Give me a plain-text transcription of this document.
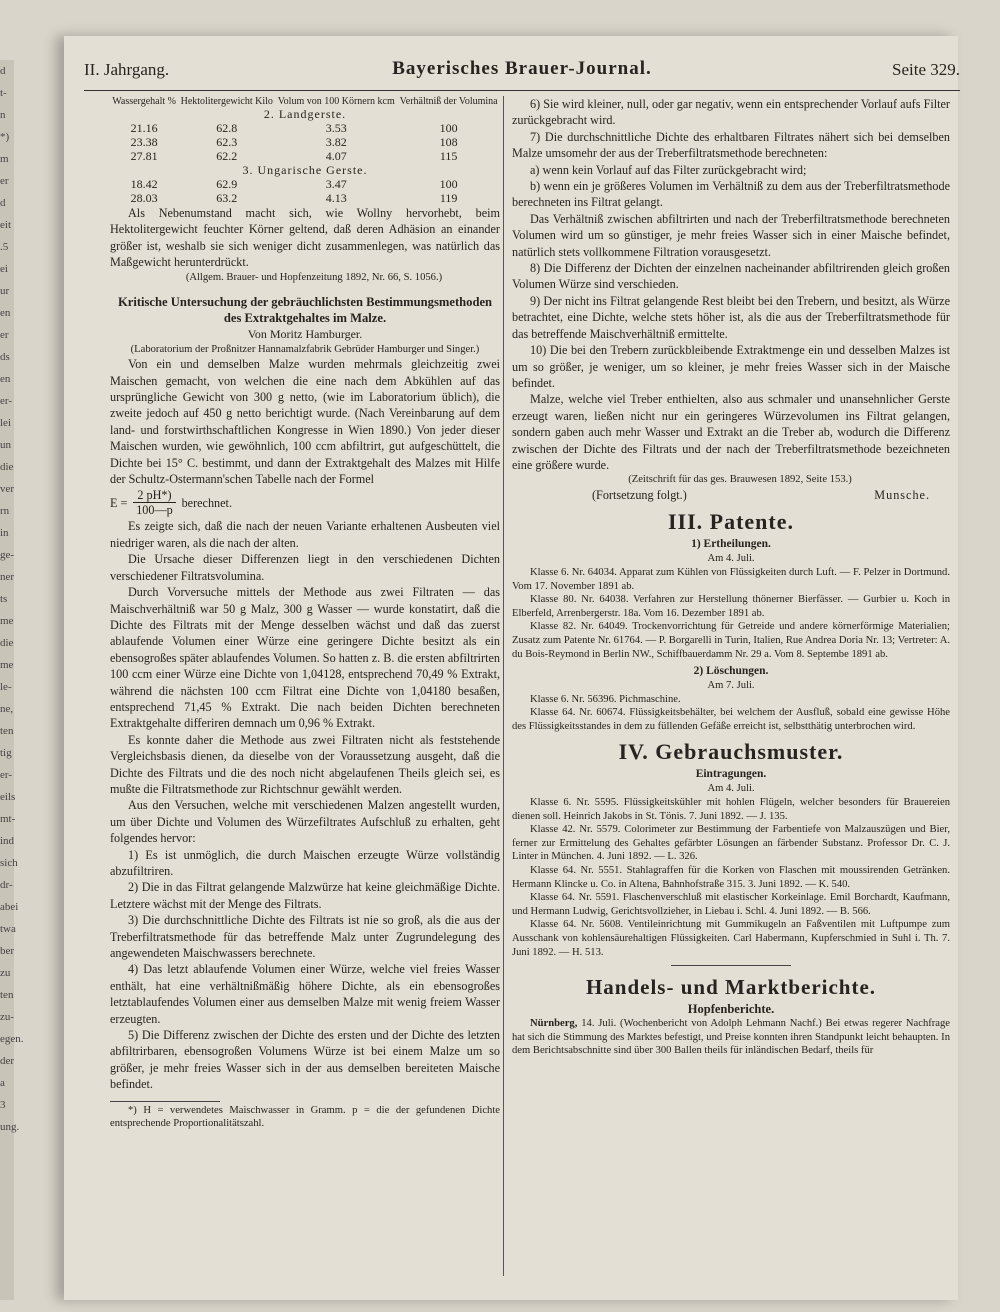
d
t-
n
*)
m
er
d
eit
.5
ei
ur
en
er
ds
en
er-
lei
un
die
ver
rn
in
ge-
ner
ts
me
die
me
le-
ne,
ten
tig
er-
eils
mt-
ind
sich
dr-
abei
twa
ber
zu
ten
zu-
egen.
der
a
3
ung.
II. Jahrgang.	Bayerisches Brauer-Journal.	Seite 329.
Wassergehalt %	Hektolitergewicht Kilo	Volum von 100 Körnern kcm	Verhältniß der Volumina
2. Landgerste.			
21.16	62.8	3.53	100
23.38	62.3	3.82	108
27.81	62.2	4.07	115
3. Ungarische Gerste.			
18.42	62.9	3.47	100
28.03	63.2	4.13	119

Als Nebenumstand macht sich, wie Wollny hervorhebt, beim Hektolitergewicht feuchter Körner geltend, daß deren Adhäsion an einander größer ist, weshalb sie sich weniger dicht zusammenlegen, was natürlich das Maßgewicht herunterdrückt.

(Allgem. Brauer- und Hopfenzeitung 1892, Nr. 66, S. 1056.)

Kritische Untersuchung der gebräuchlichsten Bestimmungsmethoden des Extraktgehaltes im Malze.
Von Moritz Hamburger.
(Laboratorium der Proßnitzer Hannamalzfabrik Gebrüder Hamburger und Singer.)

Von ein und demselben Malze wurden mehrmals gleichzeitig zwei Maischen gemacht, von welchen die eine nach dem Abkühlen auf das ursprüngliche Gewicht von 300 g netto, (wie im Laboratorium üblich), die zweite jedoch auf 450 g netto berichtigt wurde. (Nach Vereinbarung auf dem land- und forstwirthschaftlichen Kongresse in Wien 1890.) Von jeder dieser Maischen wurden, wie gewöhnlich, 100 ccm abfiltrirt, gut aufgeschüttelt, die Dichte bei 15° C. bestimmt, und dann der Extraktgehalt des Malzes mit Hilfe der Schultz-Ostermann'schen Tabelle nach der Formel

$E = \frac{2 pH*)}{100—p}$ berechnet.

Es zeigte sich, daß die nach der neuen Variante erhaltenen Ausbeuten viel niedriger waren, als die nach der alten.

Die Ursache dieser Differenzen liegt in den verschiedenen Dichten verschiedener Filtratsvolumina.

Durch Vorversuche mittels der Methode aus zwei Filtraten — das Maischverhältniß war 50 g Malz, 300 g Wasser — wurde konstatirt, daß die Dichte des Filtrats mit der Menge desselben wächst und daß das zuerst ablaufende Volumen einer Würze eine geringere Dichte besitzt als ein ebensogroßes später ablaufendes Volumen. So hatten z. B. die ersten abfiltrirten 100 ccm einer Würze eine Dichte von 1,04128, entsprechend 70,49 % Extrakt, während die nächsten 100 ccm Filtrat eine Dichte von 1,04180 besaßen, entsprechend 71,45 % Extrakt. Die nach beiden Dichten berechneten Extraktgehalte differiren demnach um 0,96 % Extrakt.

Es konnte daher die Methode aus zwei Filtraten nicht als feststehende Vergleichsbasis dienen, da dieselbe von der Voraussetzung ausgeht, daß die Dichte des Filtrats und die des noch nicht abgelaufenen Theils gleich sei, es mußte die Filtratsmethode zur Richtschnur gewählt werden.

Aus den Versuchen, welche mit verschiedenen Malzen angestellt wurden, um über Dichte und Volumen des Würzefiltrates Aufschluß zu erhalten, geht folgendes hervor:

1) Es ist unmöglich, die durch Maischen erzeugte Würze vollständig abzufiltriren.

2) Die in das Filtrat gelangende Malzwürze hat keine gleichmäßige Dichte. Letztere wächst mit der Menge des Filtrats.

3) Die durchschnittliche Dichte des Filtrats ist nie so groß, als die aus der Treberfiltratsmethode für das betreffende Malz unter Zugrundelegung des angewendeten Maischwassers berechnete.

4) Das letzt ablaufende Volumen einer Würze, welche viel freies Wasser enthält, hat eine verhältnißmäßig höhere Dichte, als ein ebensogroßes letztablaufendes Volumen einer aus demselben Malze mit wenig freiem Wasser erzeugten.

5) Die Differenz zwischen der Dichte des ersten und der Dichte des letzten abfiltrirbaren, ebensogroßen Volumens Würze ist bei einem Malze um so größer, je mehr freies Wasser sich in der aus demselben bereiteten Maische befindet.

*) H = verwendetes Maischwasser in Gramm. p = die der gefundenen Dichte entsprechende Proportionalitätszahl.

6) Sie wird kleiner, null, oder gar negativ, wenn ein entsprechender Vorlauf aufs Filter zurückgebracht wird.

7) Die durchschnittliche Dichte des erhaltbaren Filtrates nähert sich bei demselben Malze umsomehr der aus der Treberfiltratsmethode berechneten:

a) wenn kein Vorlauf auf das Filter zurückgebracht wird;

b) wenn ein je größeres Volumen im Verhältniß zu dem aus der Treberfiltratsmethode berechneten ins Filtrat gelangt.

Das Verhältniß zwischen abfiltrirten und nach der Treberfiltratsmethode berechneten Volumen wird um so günstiger, je mehr freies Wasser sich in einer Maische befindet, natürlich stets vollkommene Filtration vorausgesetzt.

8) Die Differenz der Dichten der einzelnen nacheinander abfiltrirenden gleich großen Volumen Würze sind verschieden.

9) Der nicht ins Filtrat gelangende Rest bleibt bei den Trebern, und besitzt, als Würze betrachtet, eine Dichte, welche stets höher ist, als die aus der Treberfiltratsmethode für das betreffende Maischverhältniß ermittelte.

10) Die bei den Trebern zurückbleibende Extraktmenge ein und desselben Malzes ist um so größer, je weniger, um so kleiner, je mehr freies Wasser sich in der Maische befindet.

Malze, welche viel Treber enthielten, also aus schmaler und unansehnlicher Gerste erzeugt waren, ließen nicht nur ein geringeres Würzevolumen ins Filtrat gelangen, sondern gaben auch mehr Wasser und Extrakt an die Treber ab, wodurch die Differenz zwischen der Dichte des Filtrats und der nach der Treberfiltratsmethode bezeichneten eine größere wurde.

(Zeitschrift für das ges. Brauwesen 1892, Seite 153.)

(Fortsetzung folgt.)	Munsche.
III. Patente.
1) Ertheilungen.
Am 4. Juli.

Klasse 6. Nr. 64034. Apparat zum Kühlen von Flüssigkeiten durch Luft. — F. Pelzer in Dortmund. Vom 17. November 1891 ab.

Klasse 80. Nr. 64038. Verfahren zur Herstellung thönerner Bierfässer. — Gurbier u. Koch in Elberfeld, Arrenbergerstr. 18a. Vom 16. Dezember 1891 ab.

Klasse 82. Nr. 64049. Trockenvorrichtung für Getreide und andere körnerförmige Materialien; Zusatz zum Patente Nr. 61764. — P. Borgarelli in Turin, Italien, Rue Andrea Doria Nr. 13; Vertreter: A. du Bois-Reymond in Berlin NW., Schiffbauerdamm Nr. 29 a. Vom 8. Septembe 1891 ab.

2) Löschungen.
Am 7. Juli.

Klasse 6. Nr. 56396. Pichmaschine.

Klasse 64. Nr. 60674. Flüssigkeitsbehälter, bei welchem der Ausfluß, sobald eine gewisse Höhe des Flüssigkeitsstandes in dem zu füllenden Gefäße erreicht ist, selbstthätig unterbrochen wird.

IV. Gebrauchsmuster.
Eintragungen.
Am 4. Juli.

Klasse 6. Nr. 5595. Flüssigkeitskühler mit hohlen Flügeln, welcher besonders für Brauereien dienen soll. Heinrich Jakobs in St. Tönis. 7. Juni 1892. — J. 135.

Klasse 42. Nr. 5579. Colorimeter zur Bestimmung der Farbentiefe von Malzauszügen und Bier, ferner zur Ermittelung des Gehaltes gefärbter Lösungen an färbender Substanz. Professor Dr. C. J. Linter in München. 4. Juni 1892. — L. 326.

Klasse 64. Nr. 5551. Stahlagraffen für die Korken von Flaschen mit moussirenden Getränken. Hermann Klincke u. Co. in Altena, Bahnhofstraße 315. 3. Juni 1892. — K. 540.

Klasse 64. Nr. 5591. Flaschenverschluß mit elastischer Korkeinlage. Emil Borchardt, Kaufmann, und Hermann Ludwig, Gerichtsvollzieher, in Liebau i. Schl. 4. Juni 1892. — B. 566.

Klasse 64. Nr. 5608. Ventileinrichtung mit Gummikugeln an Faßventilen mit Luftpumpe zum Ausschank von kohlensäurehaltigen Flüssigkeiten. Carl Habermann, Kupferschmied in Suhl i. Th. 7. Juni 1892. — H. 513.

Handels- und Marktberichte.
Hopfenberichte.

Nürnberg, 14. Juli. (Wochenbericht von Adolph Lehmann Nachf.) Bei etwas regerer Nachfrage hat sich die Stimmung des Marktes befestigt, und Preise konnten ihren Standpunkt leicht behaupten. In dem Berichtsabschnitte sind über 300 Ballen theils für inländischen Bedarf, theils für
